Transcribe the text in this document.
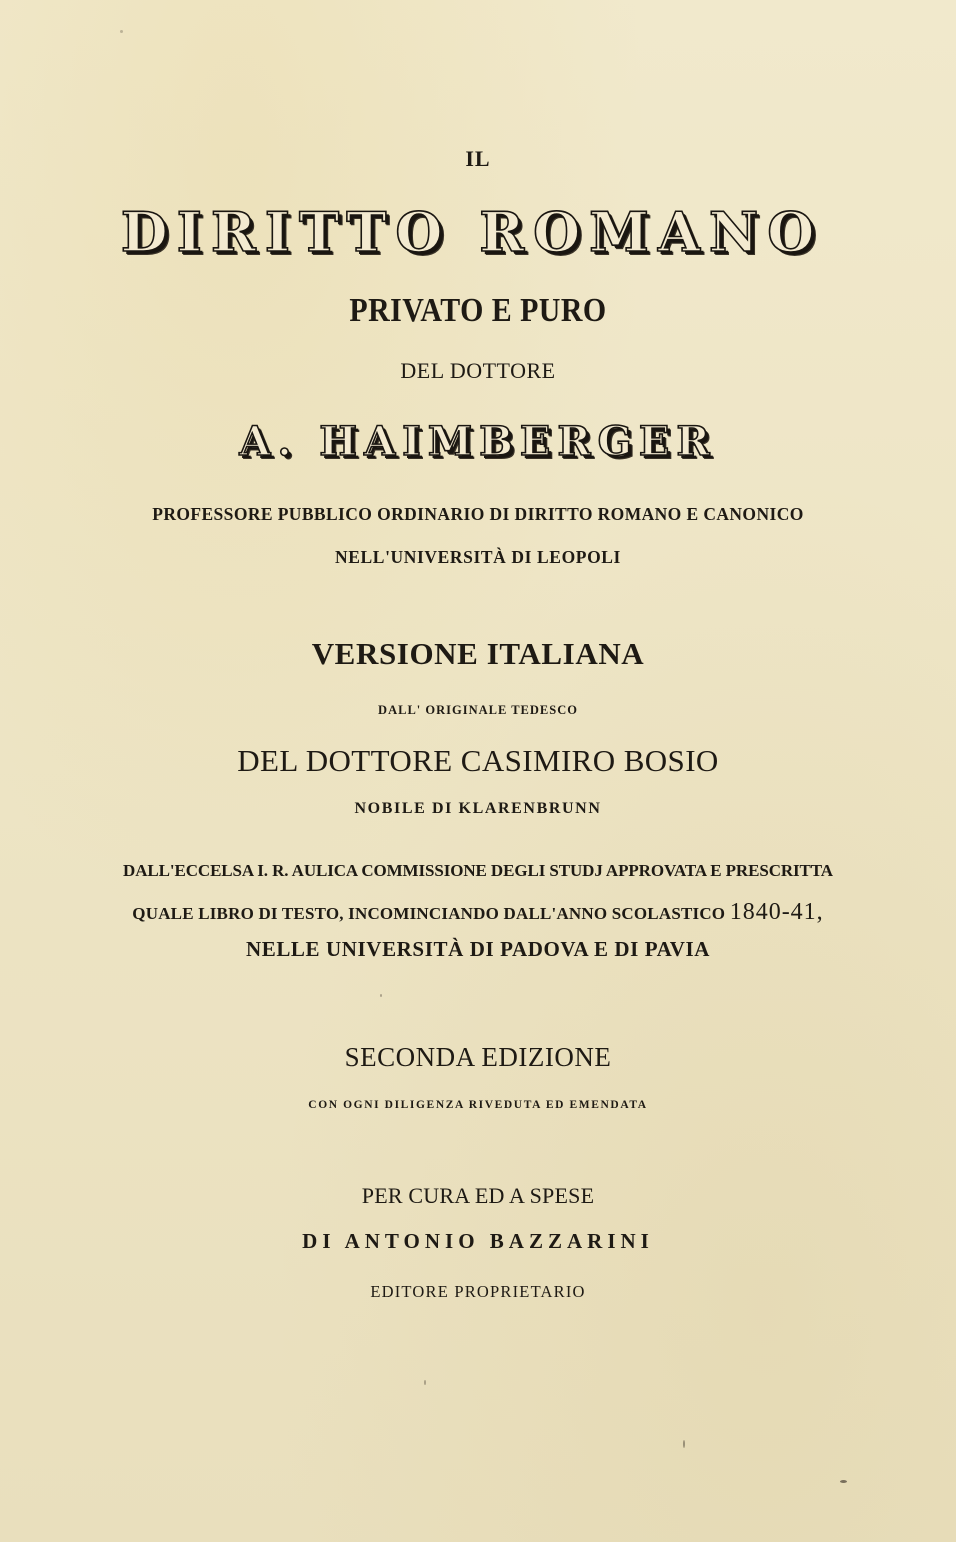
IL
DIRITTO ROMANO
PRIVATO E PURO
DEL DOTTORE
A. HAIMBERGER
PROFESSORE PUBBLICO ORDINARIO DI DIRITTO ROMANO E CANONICO
NELL'UNIVERSITÀ DI LEOPOLI
VERSIONE ITALIANA
DALL' ORIGINALE TEDESCO
DEL DOTTORE CASIMIRO BOSIO
NOBILE DI KLARENBRUNN
DALL'ECCELSA I. R. AULICA COMMISSIONE DEGLI STUDJ APPROVATA E PRESCRITTA
QUALE LIBRO DI TESTO, INCOMINCIANDO DALL'ANNO SCOLASTICO 1840-41,
NELLE UNIVERSITÀ DI PADOVA E DI PAVIA
SECONDA EDIZIONE
CON OGNI DILIGENZA RIVEDUTA ED EMENDATA
PER CURA ED A SPESE
DI ANTONIO BAZZARINI
EDITORE PROPRIETARIO
